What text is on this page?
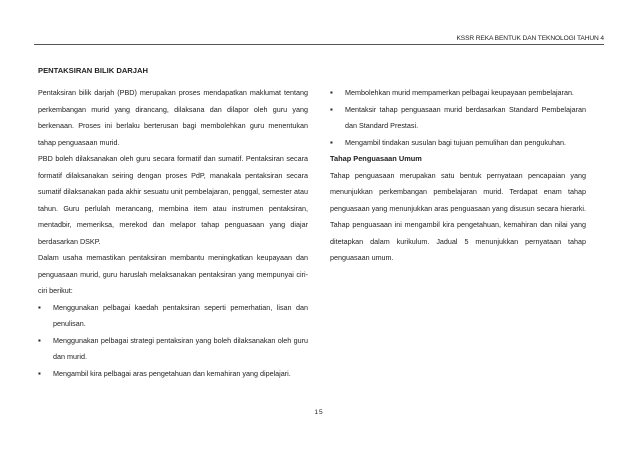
KSSR REKA BENTUK DAN TEKNOLOGI TAHUN 4
PENTAKSIRAN BILIK DARJAH

Pentaksiran bilik darjah (PBD) merupakan proses mendapatkan maklumat tentang perkembangan murid yang dirancang, dilaksana dan dilapor oleh guru yang berkenaan. Proses ini berlaku berterusan bagi membolehkan guru menentukan tahap penguasaan murid.

PBD boleh dilaksanakan oleh guru secara formatif dan sumatif. Pentaksiran secara formatif dilaksanakan seiring dengan proses PdP, manakala pentaksiran secara sumatif dilaksanakan pada akhir sesuatu unit pembelajaran, penggal, semester atau tahun. Guru perlulah merancang, membina item atau instrumen pentaksiran, mentadbir, memeriksa, merekod dan melapor tahap penguasaan yang diajar berdasarkan DSKP.

Dalam usaha memastikan pentaksiran membantu meningkatkan keupayaan dan penguasaan murid, guru haruslah melaksanakan pentaksiran yang mempunyai ciri-ciri berikut:

▪ Menggunakan pelbagai kaedah pentaksiran seperti pemerhatian, lisan dan penulisan.
▪ Menggunakan pelbagai strategi pentaksiran yang boleh dilaksanakan oleh guru dan murid.
▪ Mengambil kira pelbagai aras pengetahuan dan kemahiran yang dipelajari.
▪ Membolehkan murid mempamerkan pelbagai keupayaan pembelajaran.
▪ Mentaksir tahap penguasaan murid berdasarkan Standard Pembelajaran dan Standard Prestasi.
▪ Mengambil tindakan susulan bagi tujuan pemulihan dan pengukuhan.

Tahap Penguasaan Umum

Tahap penguasaan merupakan satu bentuk pernyataan pencapaian yang menunjukkan perkembangan pembelajaran murid. Terdapat enam tahap penguasaan yang menunjukkan aras penguasaan yang disusun secara hierarki. Tahap penguasaan ini mengambil kira pengetahuan, kemahiran dan nilai yang ditetapkan dalam kurikulum. Jadual 5 menunjukkan pernyataan tahap penguasaan umum.

15
